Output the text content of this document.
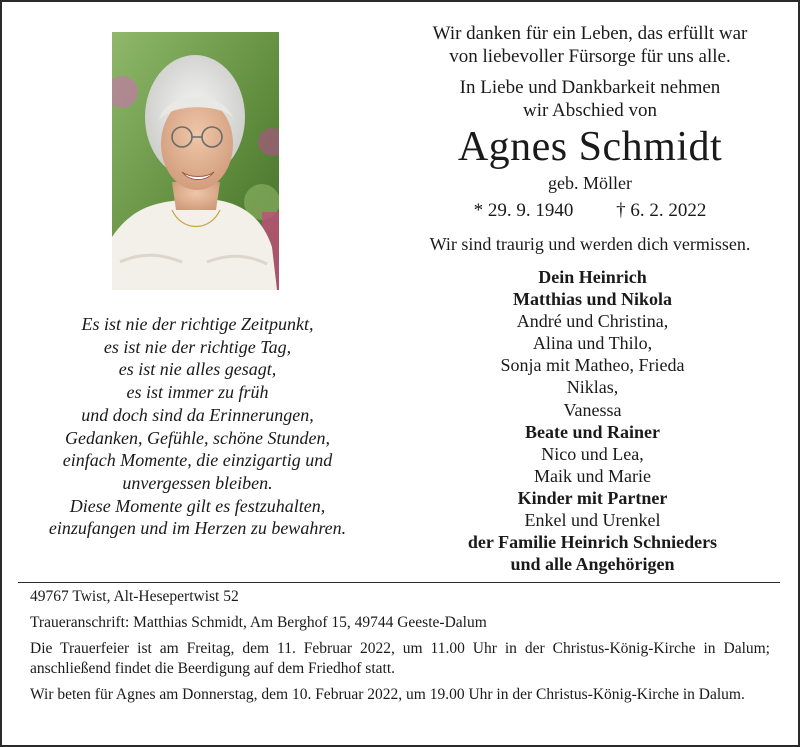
Wir danken für ein Leben, das erfüllt war
von liebevoller Fürsorge für uns alle.
In Liebe und Dankbarkeit nehmen
wir Abschied von
Agnes Schmidt
geb. Möller
* 29. 9. 1940 † 6. 2. 2022
Wir sind traurig und werden dich vermissen.
Dein Heinrich
Matthias und Nikola
André und Christina,
Alina und Thilo,
Sonja mit Matheo, Frieda
Niklas,
Vanessa
Beate und Rainer
Nico und Lea,
Maik und Marie
Kinder mit Partner
Enkel und Urenkel
der Familie Heinrich Schnieders
und alle Angehörigen
Es ist nie der richtige Zeitpunkt,
es ist nie der richtige Tag,
es ist nie alles gesagt,
es ist immer zu früh
und doch sind da Erinnerungen,
Gedanken, Gefühle, schöne Stunden,
einfach Momente, die einzigartig und
unvergessen bleiben.
Diese Momente gilt es festzuhalten,
einzufangen und im Herzen zu bewahren.

49767 Twist, Alt-Hesepertwist 52

Traueranschrift: Matthias Schmidt, Am Berghof 15, 49744 Geeste-Dalum

Die Trauerfeier ist am Freitag, dem 11. Februar 2022, um 11.00 Uhr in der Christus-König-Kirche in Dalum; anschließend findet die Beerdigung auf dem Friedhof statt.

Wir beten für Agnes am Donnerstag, dem 10. Februar 2022, um 19.00 Uhr in der Christus-König-Kirche in Dalum.
